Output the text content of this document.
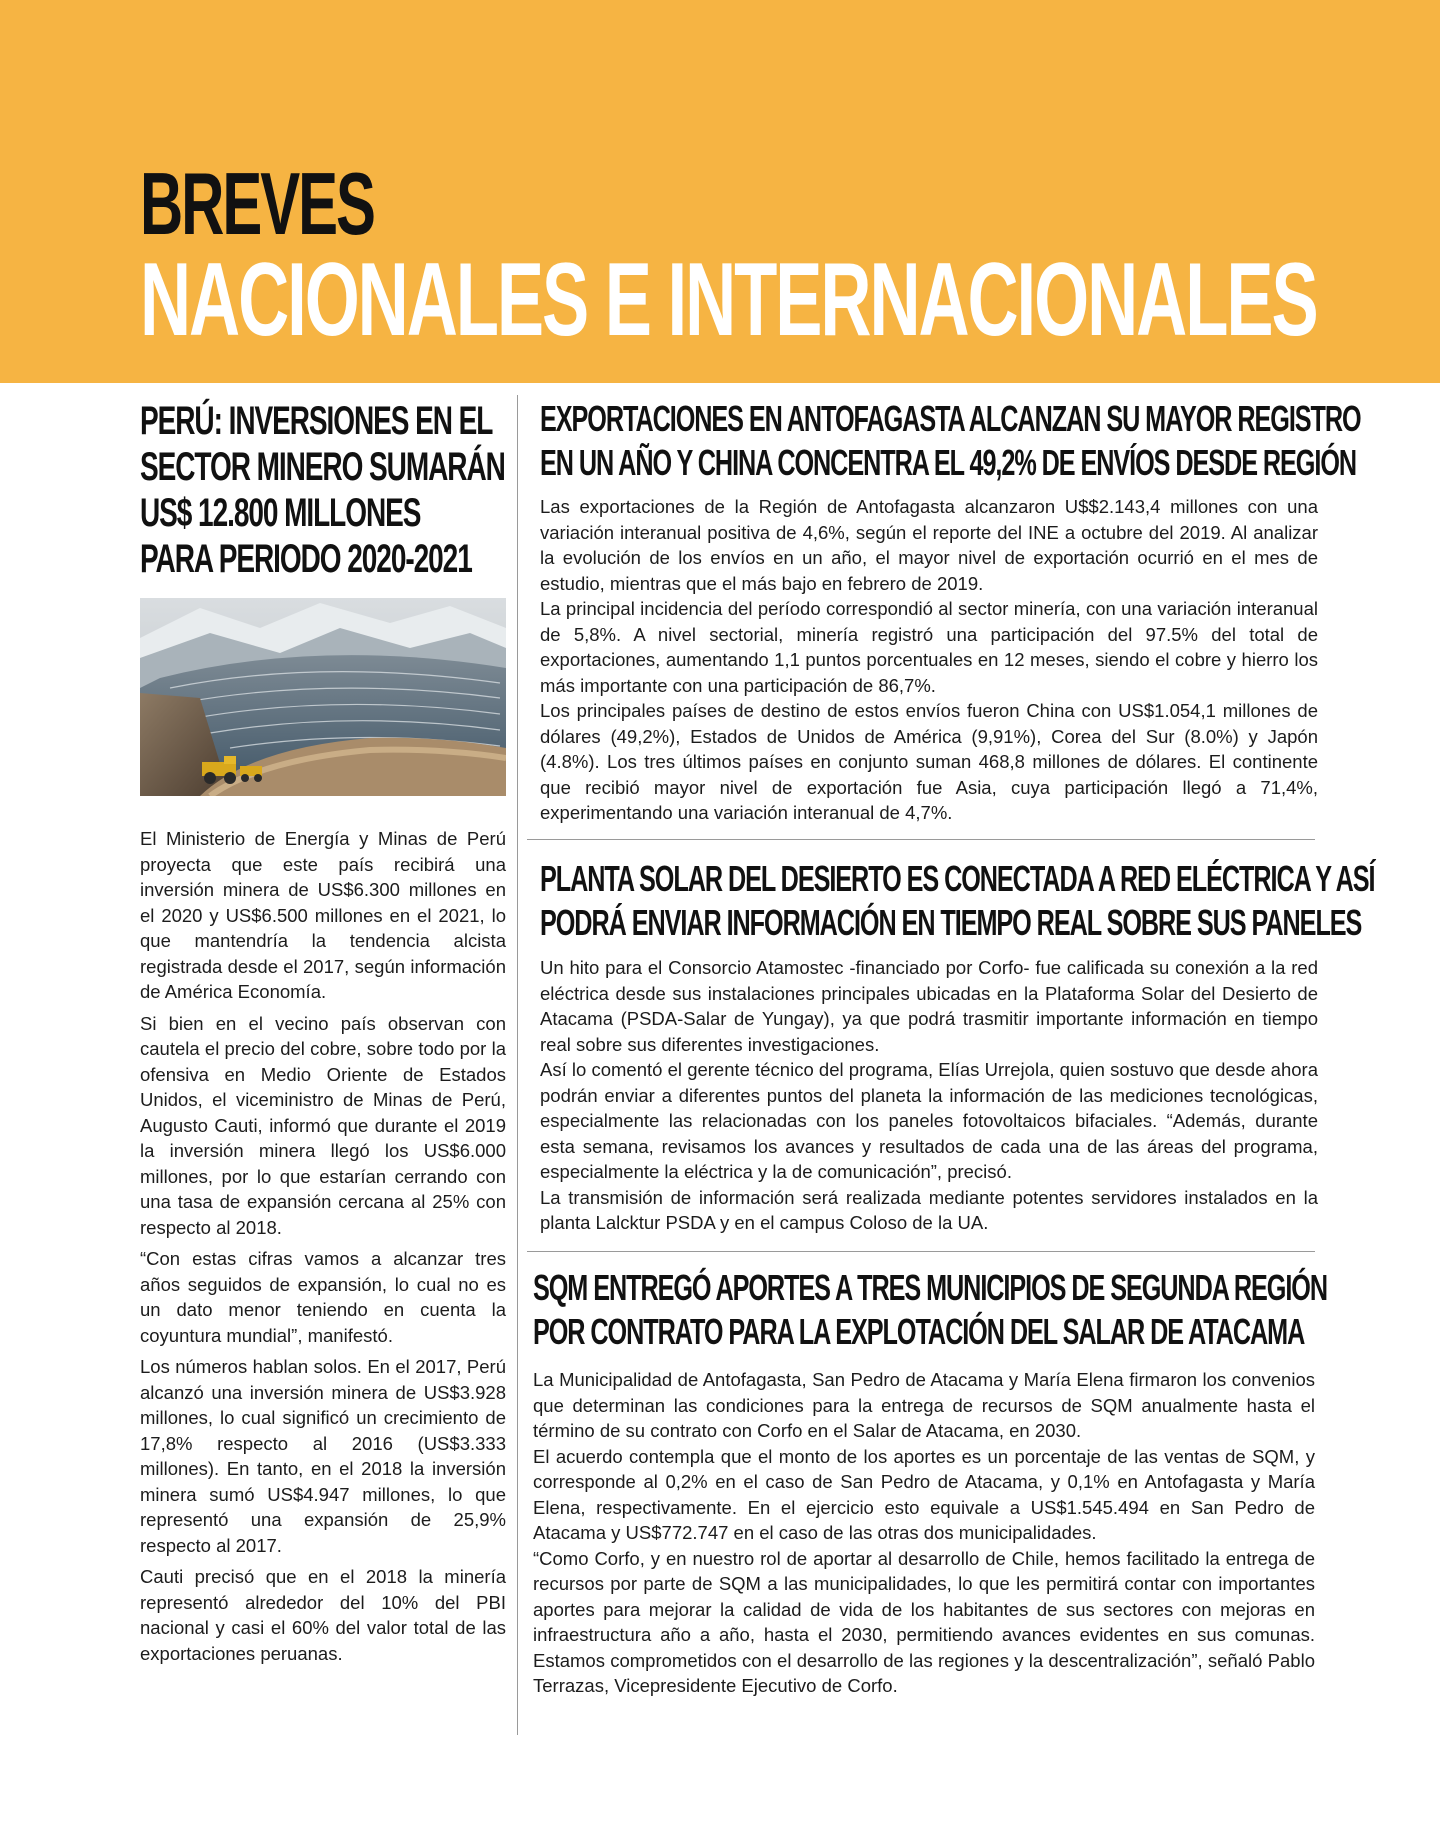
BREVES
NACIONALES E INTERNACIONALES
PERÚ: INVERSIONES EN EL
SECTOR MINERO SUMARÁN
US$ 12.800 MILLONES
PARA PERIODO 2020-2021

El Ministerio de Energía y Minas de Perú proyecta que este país recibirá una inversión minera de US$6.300 millones en el 2020 y US$6.500 millones en el 2021, lo que mantendría la tendencia alcista registrada desde el 2017, según información de América Economía.

Si bien en el vecino país observan con cautela el precio del cobre, sobre todo por la ofensiva en Medio Oriente de Estados Unidos, el viceministro de Minas de Perú, Augusto Cauti, informó que durante el 2019 la inversión minera llegó los US$6.000 millones, por lo que estarían cerrando con una tasa de expansión cercana al 25% con respecto al 2018.

“Con estas cifras vamos a alcanzar tres años seguidos de expansión, lo cual no es un dato menor teniendo en cuenta la coyuntura mundial”, manifestó.

Los números hablan solos. En el 2017, Perú alcanzó una inversión minera de US$3.928 millones, lo cual significó un crecimiento de 17,8% respecto al 2016 (US$3.333 millones). En tanto, en el 2018 la inversión minera sumó US$4.947 millones, lo que representó una expansión de 25,9% respecto al 2017.

Cauti precisó que en el 2018 la minería representó alrededor del 10% del PBI nacional y casi el 60% del valor total de las exportaciones peruanas.

EXPORTACIONES EN ANTOFAGASTA ALCANZAN SU MAYOR REGISTRO
EN UN AÑO Y CHINA CONCENTRA EL 49,2% DE ENVÍOS DESDE REGIÓN

Las exportaciones de la Región de Antofagasta alcanzaron U$$2.143,4 millones con una variación interanual positiva de 4,6%, según el reporte del INE a octubre del 2019. Al analizar la evolución de los envíos en un año, el mayor nivel de exportación ocurrió en el mes de estudio, mientras que el más bajo en febrero de 2019.

La principal incidencia del período correspondió al sector minería, con una variación interanual de 5,8%. A nivel sectorial, minería registró una participación del 97.5% del total de exportaciones, aumentando 1,1 puntos porcentuales en 12 meses, siendo el cobre y hierro los más importante con una participación de 86,7%.

Los principales países de destino de estos envíos fueron China con US$1.054,1 millones de dólares (49,2%), Estados de Unidos de América (9,91%), Corea del Sur (8.0%) y Japón (4.8%). Los tres últimos países en conjunto suman 468,8 millones de dólares. El continente que recibió mayor nivel de exportación fue Asia, cuya participación llegó a 71,4%, experimentando una variación interanual de 4,7%.

PLANTA SOLAR DEL DESIERTO ES CONECTADA A RED ELÉCTRICA Y ASÍ
PODRÁ ENVIAR INFORMACIÓN EN TIEMPO REAL SOBRE SUS PANELES

Un hito para el Consorcio Atamostec -financiado por Corfo- fue calificada su conexión a la red eléctrica desde sus instalaciones principales ubicadas en la Plataforma Solar del Desierto de Atacama (PSDA-Salar de Yungay), ya que podrá trasmitir importante información en tiempo real sobre sus diferentes investigaciones.

Así lo comentó el gerente técnico del programa, Elías Urrejola, quien sostuvo que desde ahora podrán enviar a diferentes puntos del planeta la información de las mediciones tecnológicas, especialmente las relacionadas con los paneles fotovoltaicos bifaciales. “Además, durante esta semana, revisamos los avances y resultados de cada una de las áreas del programa, especialmente la eléctrica y la de comunicación”, precisó.

La transmisión de información será realizada mediante potentes servidores instalados en la planta Lalcktur PSDA y en el campus Coloso de la UA.

SQM ENTREGÓ APORTES A TRES MUNICIPIOS DE SEGUNDA REGIÓN
POR CONTRATO PARA LA EXPLOTACIÓN DEL SALAR DE ATACAMA

La Municipalidad de Antofagasta, San Pedro de Atacama y María Elena firmaron los convenios que determinan las condiciones para la entrega de recursos de SQM anualmente hasta el término de su contrato con Corfo en el Salar de Atacama, en 2030.

El acuerdo contempla que el monto de los aportes es un porcentaje de las ventas de SQM, y corresponde al 0,2% en el caso de San Pedro de Atacama, y 0,1% en Antofagasta y María Elena, respectivamente. En el ejercicio esto equivale a US$1.545.494 en San Pedro de Atacama y US$772.747 en el caso de las otras dos municipalidades.

“Como Corfo, y en nuestro rol de aportar al desarrollo de Chile, hemos facilitado la entrega de recursos por parte de SQM a las municipalidades, lo que les permitirá contar con importantes aportes para mejorar la calidad de vida de los habitantes de sus sectores con mejoras en infraestructura año a año, hasta el 2030, permitiendo avances evidentes en sus comunas. Estamos comprometidos con el desarrollo de las regiones y la descentralización”, señaló Pablo Terrazas, Vicepresidente Ejecutivo de Corfo.
